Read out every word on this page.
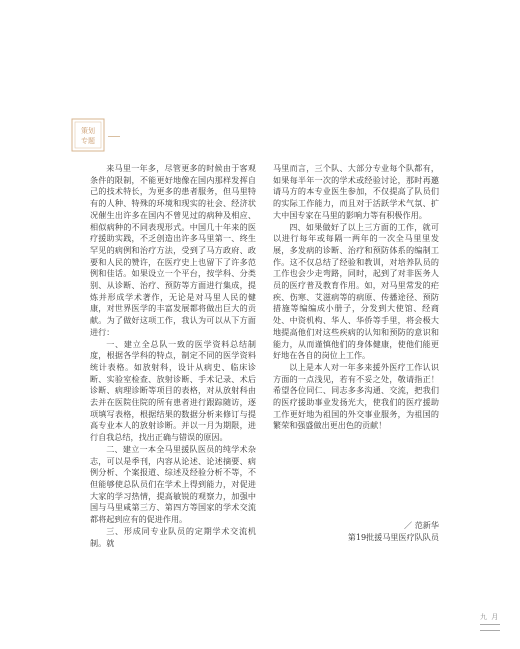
策划
专题

来马里一年多，尽管更多的时候由于客观条件的限制，不能更好地像在国内那样发挥自己的技术特长，为更多的患者服务，但马里特有的人种、特殊的环境和现实的社会、经济状况催生出许多在国内不曾见过的病种及相应、相似病种的不同表现形式。中国几十年来的医疗援助实践，不乏创造出许多马里第一、终生罕见的病例和治疗方法，受到了马方政府、政要和人民的赞许，在医疗史上也留下了许多范例和佳话。如果设立一个平台，按学科、分类别、从诊断、治疗、预防等方面进行集成，提炼并形成学术著作，无论是对马里人民的健康，对世界医学的丰富发展都将做出巨大的贡献。为了做好这项工作，我认为可以从下方面进行：

一、建立全总队一致的医学资料总结制度，根据各学科的特点，制定不同的医学资料统计表格。如放射科，设计从病史、临床诊断、实验室检查、放射诊断、手术记录、术后诊断、病理诊断等项目的表格，对从放射科由去并在医院住院的所有患者进行跟踪随访，逐项填写表格，根据结果的数据分析来修订与提高专业本人的放射诊断。并以一月为期限，进行自我总结，找出正确与错误的原因。

二、建立一本全马里援队医员的纯学术杂志，可以是季刊，内容从论述、论述摘要、病例分析、个案报道、综述及经验分析不等，不但能够使总队员们在学术上得到能力，对促进大家的学习热情，提高敏锐的观察力，加强中国与马里咸第三方、第四方等国家的学术交流都将起到应有的促进作用。

三、形成同专业队员的定期学术交流机制。就

马里而言，三个队、大部分专业每个队都有，如果每半年一次的学术或经验讨论，那时再邀请马方的本专业医生参加，不仅提高了队员们的实际工作能力，而且对于活跃学术气氛、扩大中国专家在马里的影响力等有积极作用。

四、如果做好了以上三方面的工作，就可以进行每年或每隔一两年的一次全马里里发展，多发病的诊断、治疗和预防体系的编制工作。这不仅总结了经验和教训，对培养队员的工作也会少走弯路，同时，起到了对非医务人员的医疗普及教育作用。如，对马里常发的疟疾、伤寒、艾滋病等的病原、传播途径、预防措施等编编成小册子，分发到大使馆、经商处、中资机构、华人、华侨等手里，将会极大地提高他们对这些疾病的认知和预防的意识和能力，从而谨慎他们的身体健康，使他们能更好地在各自的岗位上工作。

以上是本人对一年多来援外医疗工作认识方面的一点浅见，若有不妥之处，敬请指正！希望各位同仁、同志多多沟通、交流，把我们的医疗援助事业发扬光大，使我们的医疗援助工作更好地为祖国的外交事业服务，为祖国的繁荣和强盛做出更出色的贡献！

／ 范新华
第19批援马里医疗队队员
九 月
